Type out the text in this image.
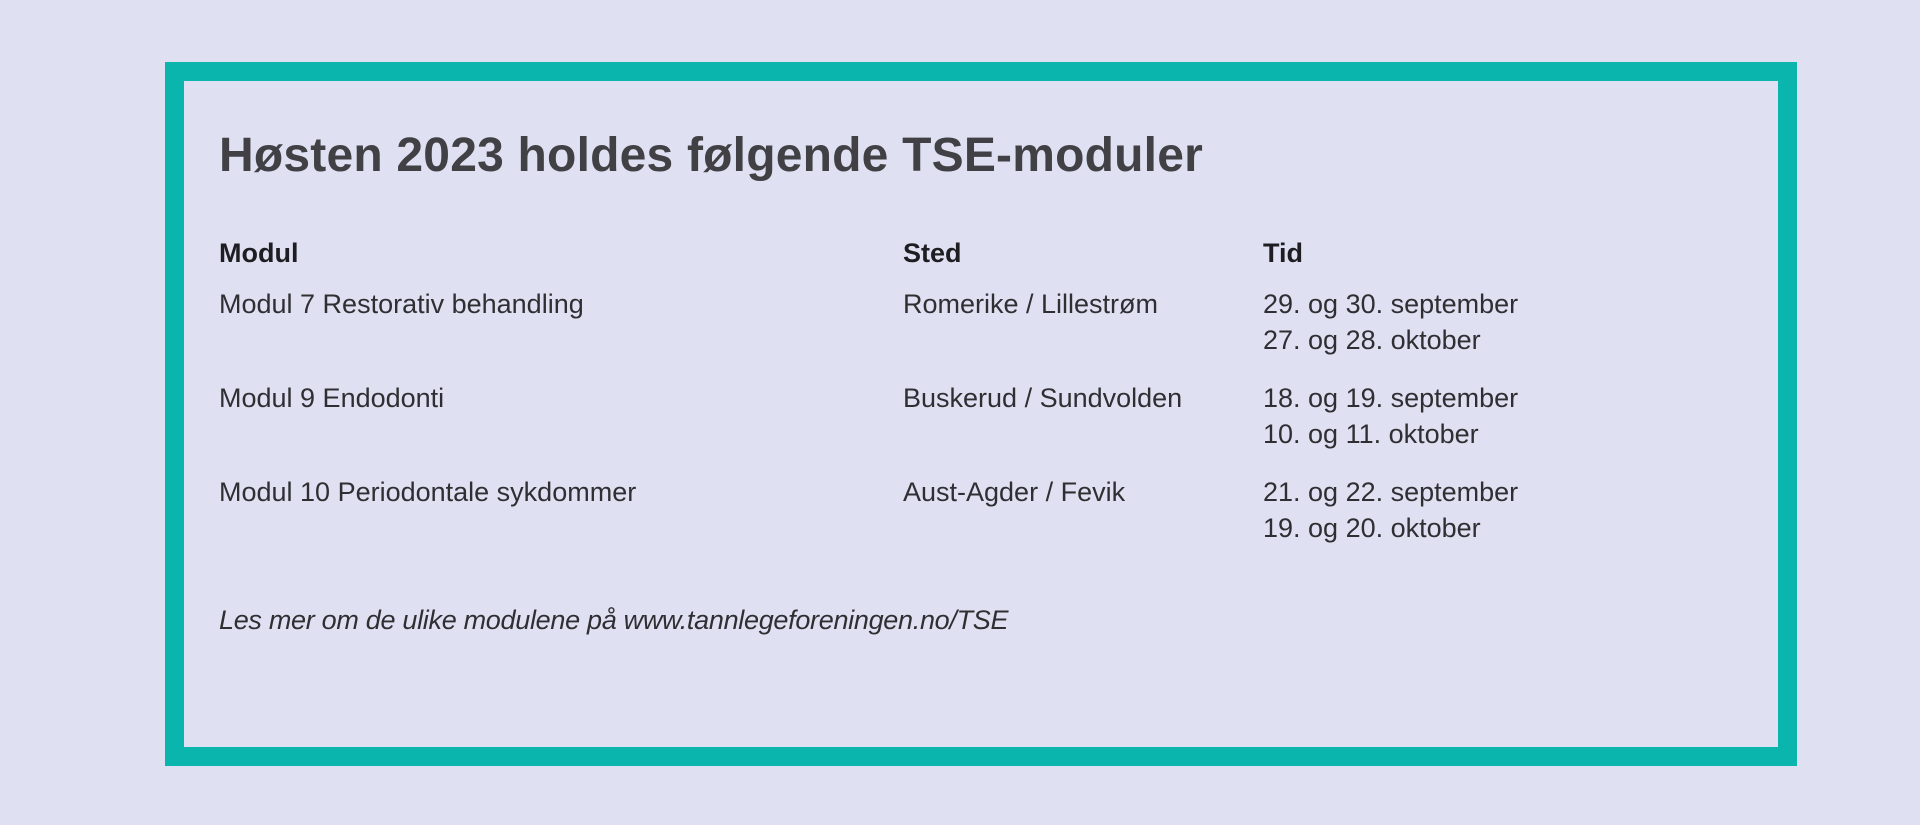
Høsten 2023 holdes følgende TSE-moduler
Modul	Sted	Tid
Modul 7 Restorativ behandling	Romerike / Lillestrøm	29. og 30. september
27. og 28. oktober
Modul 9 Endodonti	Buskerud / Sundvolden	18. og 19. september
10. og 11. oktober
Modul 10 Periodontale sykdommer	Aust-Agder / Fevik	21. og 22. september
19. og 20. oktober
Les mer om de ulike modulene på www.tannlegeforeningen.no/TSE
